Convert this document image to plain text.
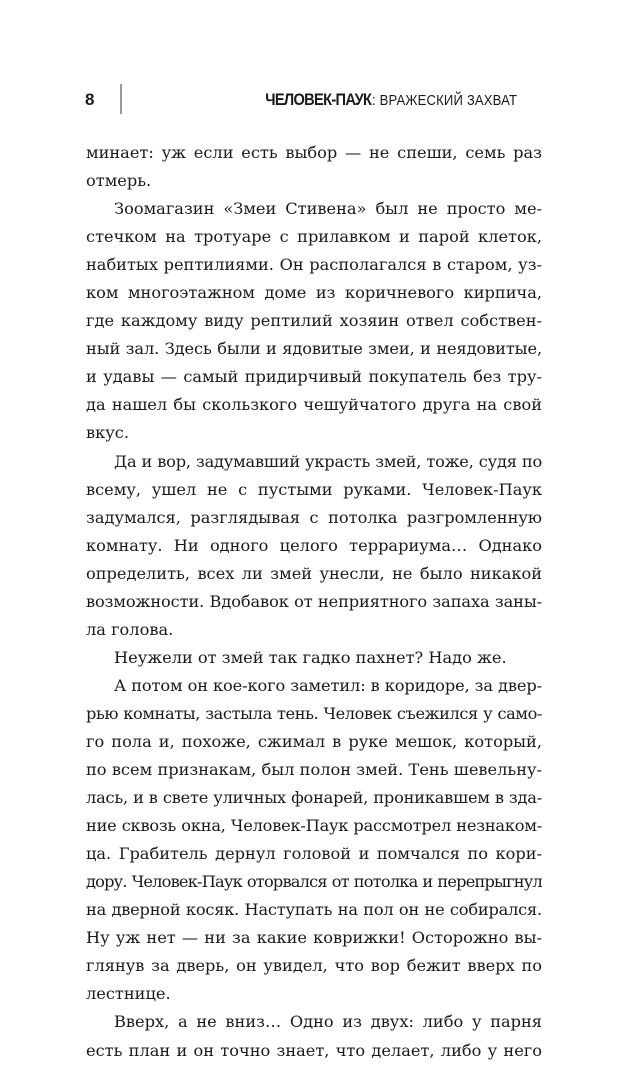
8	ЧЕЛОВЕК-ПАУК: ВРАЖЕСКИЙ ЗАХВАТ
минает: уж если есть выбор — не спеши, семь раз
отмерь.
Зоомагазин «Змеи Стивена» был не просто ме-
стечком на тротуаре с прилавком и парой клеток,
набитых рептилиями. Он располагался в старом, уз-
ком многоэтажном доме из коричневого кирпича,
где каждому виду рептилий хозяин отвел собствен-
ный зал. Здесь были и ядовитые змеи, и неядовитые,
и удавы — самый придирчивый покупатель без тру-
да нашел бы скользкого чешуйчатого друга на свой
вкус.
Да и вор, задумавший украсть змей, тоже, судя по
всему, ушел не с пустыми руками. Человек-Паук
задумался, разглядывая с потолка разгромленную
комнату. Ни одного целого террариума… Однако
определить, всех ли змей унесли, не было никакой
возможности. Вдобавок от неприятного запаха заны-
ла голова.
Неужели от змей так гадко пахнет? Надо же.
А потом он кое-кого заметил: в коридоре, за двер-
рью комнаты, застыла тень. Человек съежился у само-
го пола и, похоже, сжимал в руке мешок, который,
по всем признакам, был полон змей. Тень шевельну-
лась, и в свете уличных фонарей, проникавшем в зда-
ние сквозь окна, Человек-Паук рассмотрел незнаком-
ца. Грабитель дернул головой и помчался по кори-
дору. Человек-Паук оторвался от потолка и перепрыгнул
на дверной косяк. Наступать на пол он не собирался.
Ну уж нет — ни за какие коврижки! Осторожно вы-
глянув за дверь, он увидел, что вор бежит вверх по
лестнице.
Вверх, а не вниз… Одно из двух: либо у парня
есть план и он точно знает, что делает, либо у него
